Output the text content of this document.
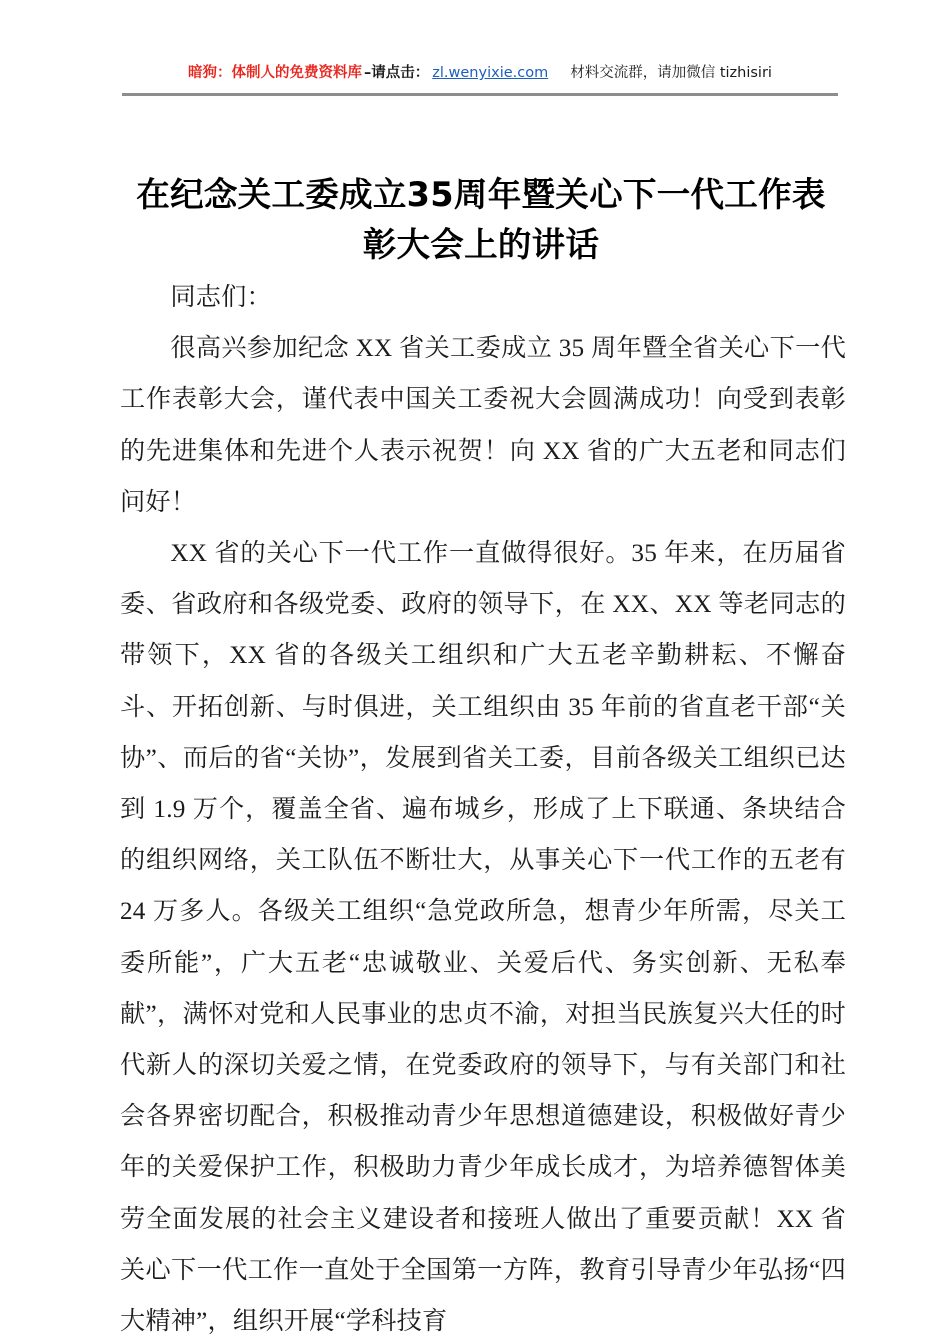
暗狗：体制人的免费资料库 –请点击： zl.wenyixie.com 材料交流群，请加微信 tizhisiri
在纪念关工委成立35周年暨关心下一代工作表彰大会上的讲话

同志们：

很高兴参加纪念 XX 省关工委成立 35 周年暨全省关心下一代工作表彰大会，谨代表中国关工委祝大会圆满成功！向受到表彰的先进集体和先进个人表示祝贺！向 XX 省的广大五老和同志们问好！

XX 省的关心下一代工作一直做得很好。35 年来，在历届省委、省政府和各级党委、政府的领导下，在 XX、XX 等老同志的带领下，XX 省的各级关工组织和广大五老辛勤耕耘、不懈奋斗、开拓创新、与时俱进，关工组织由 35 年前的省直老干部“关协”、而后的省“关协”，发展到省关工委，目前各级关工组织已达到 1.9 万个，覆盖全省、遍布城乡，形成了上下联通、条块结合的组织网络，关工队伍不断壮大，从事关心下一代工作的五老有 24 万多人。各级关工组织“急党政所急，想青少年所需，尽关工委所能”，广大五老“忠诚敬业、关爱后代、务实创新、无私奉献”，满怀对党和人民事业的忠贞不渝，对担当民族复兴大任的时代新人的深切关爱之情，在党委政府的领导下，与有关部门和社会各界密切配合，积极推动青少年思想道德建设，积极做好青少年的关爱保护工作，积极助力青少年成长成才，为培养德智体美劳全面发展的社会主义建设者和接班人做出了重要贡献！XX 省关心下一代工作一直处于全国第一方阵，教育引导青少年弘扬“四大精神”，组织开展“学科技育
